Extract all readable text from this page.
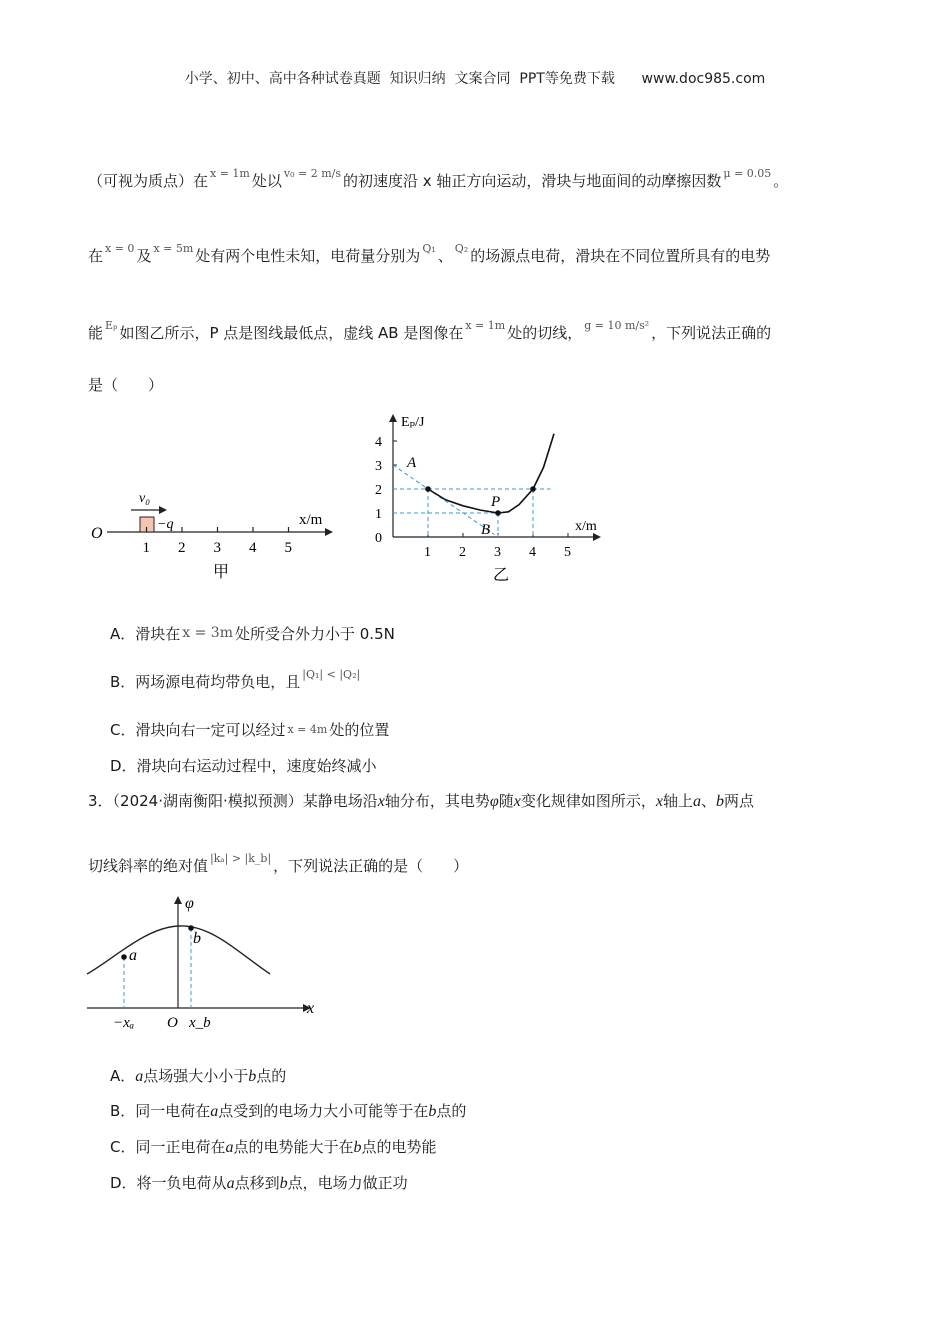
小学、初中、高中各种试卷真题  知识归纳  文案合同  PPT等免费下载      www.doc985.com
（可视为质点）在 $^{x = 1m}$ 处以 $^{v_0 = 2 m/s}$ 的初速度沿 x 轴正方向运动，滑块与地面间的动摩擦因数 $^{\mu = 0.05}$ 。
在 $^{x = 0}$ 及 $^{x = 5m}$ 处有两个电性未知，电荷量分别为 $^{Q_1}$ 、 $^{Q_2}$ 的场源点电荷，滑块在不同位置所具有的电势
能 $^{E_p}$ 如图乙所示，P 点是图线最低点，虚线 AB 是图像在 $^{x = 1m}$ 处的切线， $^{g = 10 m/s^2}$ ，下列说法正确的
是（　　）
O
x/m
−q
v₀
1 2 3 4 5
甲
Eₚ/J
x/m
4
3
2
1
0
1 2 3 4 5
A
B
P
乙
A．滑块在 x = 3m 处所受合外力小于 0.5N
B．两场源电荷均带负电，且 $^{|Q_1| < |Q_2|}$
C．滑块向右一定可以经过 x = 4m 处的位置
D．滑块向右运动过程中，速度始终减小
3．（2024·湖南衡阳·模拟预测）某静电场沿x轴分布，其电势φ随x变化规律如图所示，x轴上a、b两点
切线斜率的绝对值 $^{|k_a| > |k\_b|}$ ，下列说法正确的是（　　）
φ
a
b
−xₐ O x_b
x
A．a点场强大小小于b点的
B．同一电荷在a点受到的电场力大小可能等于在b点的
C．同一正电荷在a点的电势能大于在b点的电势能
D．将一负电荷从a点移到b点，电场力做正功
